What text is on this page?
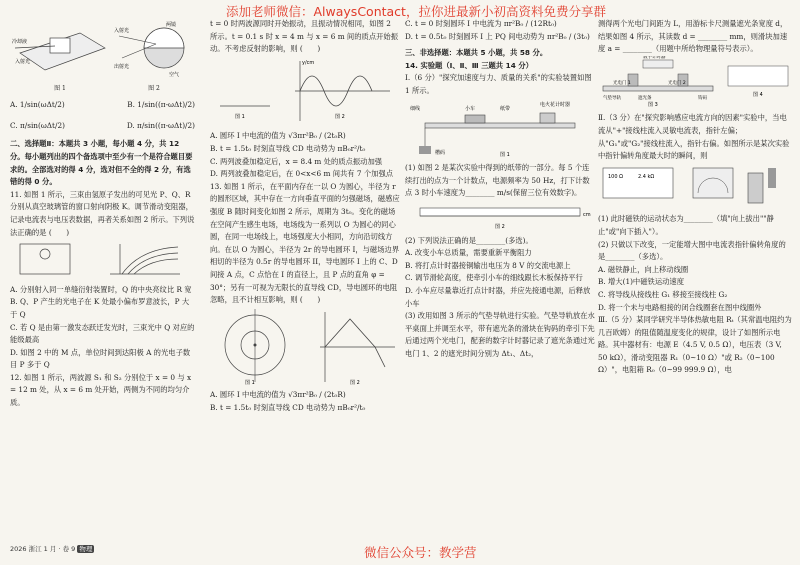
添加老师微信：AlwaysContact，拉你进最新小初高资料免费分享群
冷却液
入射光
图 1
入射光
出射光
两镜
空气
图 2
A. 1/sin(ωΔt/2)	B. 1/sin((π-ωΔt)/2)
C. π/sin(ωΔt/2)	D. π/sin((π-ωΔt)/2)

二、选择题Ⅱ：本题共 3 小题，每小题 4 分，共 12 分。每小题列出的四个备选项中至少有一个是符合题目要求的。全部选对的得 4 分，选对但不全的得 2 分，有选错的得 0 分。

11. 如图 1 所示，三束由氢原子发出的可见光 P、Q、R 分别从真空玻璃管的窗口射向阴极 K。调节滑动变阻器，记录电流表与电压表数据，再者关系如图 2 所示。下列说法正确的是 (　　)

A. 分别射入同一单缝衍射装置时，Q 的中央亮纹比 R 宽

B. Q、P 产生的光电子在 K 处最小偏布罗意波长，P 大于 Q

C. 若 Q 是由第一激发态跃迁发光时，三束光中 Q 对应的能级最高

D. 如图 2 中的 M 点，单位时间到达阳极 A 的光电子数目 P 多于 Q

12. 如图 1 所示，两波源 S₁ 和 S₂ 分别位于 x = 0 与 x = 12 m 处，从 x = 6 m 处开始，两侧为不同的均匀介质。

t = 0 时两波源同时开始振动，且振动情况相同，如图 2 所示。t = 0.1 s 时 x = 4 m 与 x = 6 m 间的质点开始振动。不考虑反射的影响，则 (　　)

y/cm
图 1	图 2

A. 圆环 I 中电流的值为 √3πr²B₀ / (2t₀R)

B. t = 1.5t₀ 时刻直导线 CD 电动势为 πB₀r²/t₀

C. 两列波叠加稳定后，x = 8.4 m 处的质点振动加强

D. 两列波叠加稳定后，在 0<x<6 m 间共有 7 个加强点

13. 如图 1 所示，在平面内存在一以 O 为圆心，半径为 r 的圆形区域，其中存在一方向垂直平面的匀强磁场，磁感应强度 B 随时间变化如图 2 所示，周期为 3t₀。变化的磁场在空间产生感生电场，电场线为一系列以 O 为圆心的同心圆，在同一电场线上，电场强度大小相同，方向沿切线方向。在以 O 为圆心，半径为 2r 的导电圆环 I，与磁场边界相切的半径为 0.5r 的导电圆环 II，导电圆环 I 上的 C、D 间接 A 点，C 点恰在 I 的直径上，且 P 点的直角 φ = 30°；另有一可视为无限长的直导线 CD，导电圆环的电阻忽略，且不计相互影响，则 (　　)

图 1	图 2

A. 圆环 I 中电流的值为 √3πr²B₀ / (2t₀R)

B. t = 1.5t₀ 时刻直导线 CD 电动势为 πB₀r²/t₀

C. t = 0 时刻圆环 I 中电流为 πr²B₀ / (12Rt₀)

D. t = 0.5t₀ 时刻圆环 I 上 PQ 间电动势为 πr²B₀ / (3t₀)

三、非选择题：本题共 5 小题，共 58 分。

14. 实验题（Ⅰ、Ⅱ、Ⅲ 三题共 14 分）

Ⅰ.（6 分）"探究加速度与力、质量的关系"的实验装置如图 1 所示。

细线	小车	纸带
电火花计时器
槽码	图 1

(1) 如图 2 是某次实验中得到的纸带的一部分。每 5 个连续打出的点为一个计数点，电源频率为 50 Hz，打下计数点 3 时小车速度为________ m/s(保留三位有效数字)。

cm
图 2

(2) 下列说法正确的是________(多选)。

A. 改变小车总质量，需要重新平衡阻力

B. 将打点计时器接铜输出电压为 8 V 的交流电源上

C. 调节滑轮高度，使牵引小车的细线跟长木板保持平行

D. 小车应尽量靠近打点计时器，并应先接通电源，后释放小车

(3) 改用如图 3 所示的气垫导轨进行实验。气垫导轨放在水平桌面上并调至水平，带有遮光条的滑块在钩码的牵引下先后通过两个光电门，配套的数字计时器记录了遮光条通过光电门 1、2 的遮光时间分别为 Δt₁、Δt₂，

测得两个光电门间距为 L，用游标卡尺测量遮光条宽度 d，结果如图 4 所示，其读数 d = ________ mm，则滑块加速度 a = ________（用题中所给物理量符号表示）。

数字计时器
光电门 2
光电门 1
遮光条
气垫导轨	钩码
图 3
图 4

Ⅱ.（3 分）在"探究影响感应电流方向的因素"实验中，当电流从"+"接线柱流入灵敏电流表，指针左偏；从"G₁"或"G₂"接线柱流入，指针右偏。如图所示是某次实验中指针偏转角度最大时的瞬间，则

100 Ω	2.4 kΩ

(1) 此时磁铁的运动状态为________（填"向上拔出""静止"或"向下插入"）。

(2) 只做以下改变，一定能增大图中电流表指针偏转角度的是________（多选）。

A. 磁铁静止，向上移动线圈

B. 增大(1)中磁铁运动速度

C. 将导线从接线柱 G₁ 移接至接线柱 G₂

D. 将一个未与电路相接的闭合线圈套在图中线圈外

Ⅲ.（5 分）某同学研究半导体热敏电阻 Rₜ（其常温电阻约为几百欧姆）的阻值随温度变化的规律，设计了如图所示电路。其中器材有：电源 E（4.5 V, 0.5 Ω），电压表（3 V, 50 kΩ），滑动变阻器 R₁（0~10 Ω）"或 R₂（0~100 Ω）"，电阻箱 R₀（0~99 999.9 Ω），电

2026 浙江 1 月 · 卷 9 物理	微信公众号：教学营
